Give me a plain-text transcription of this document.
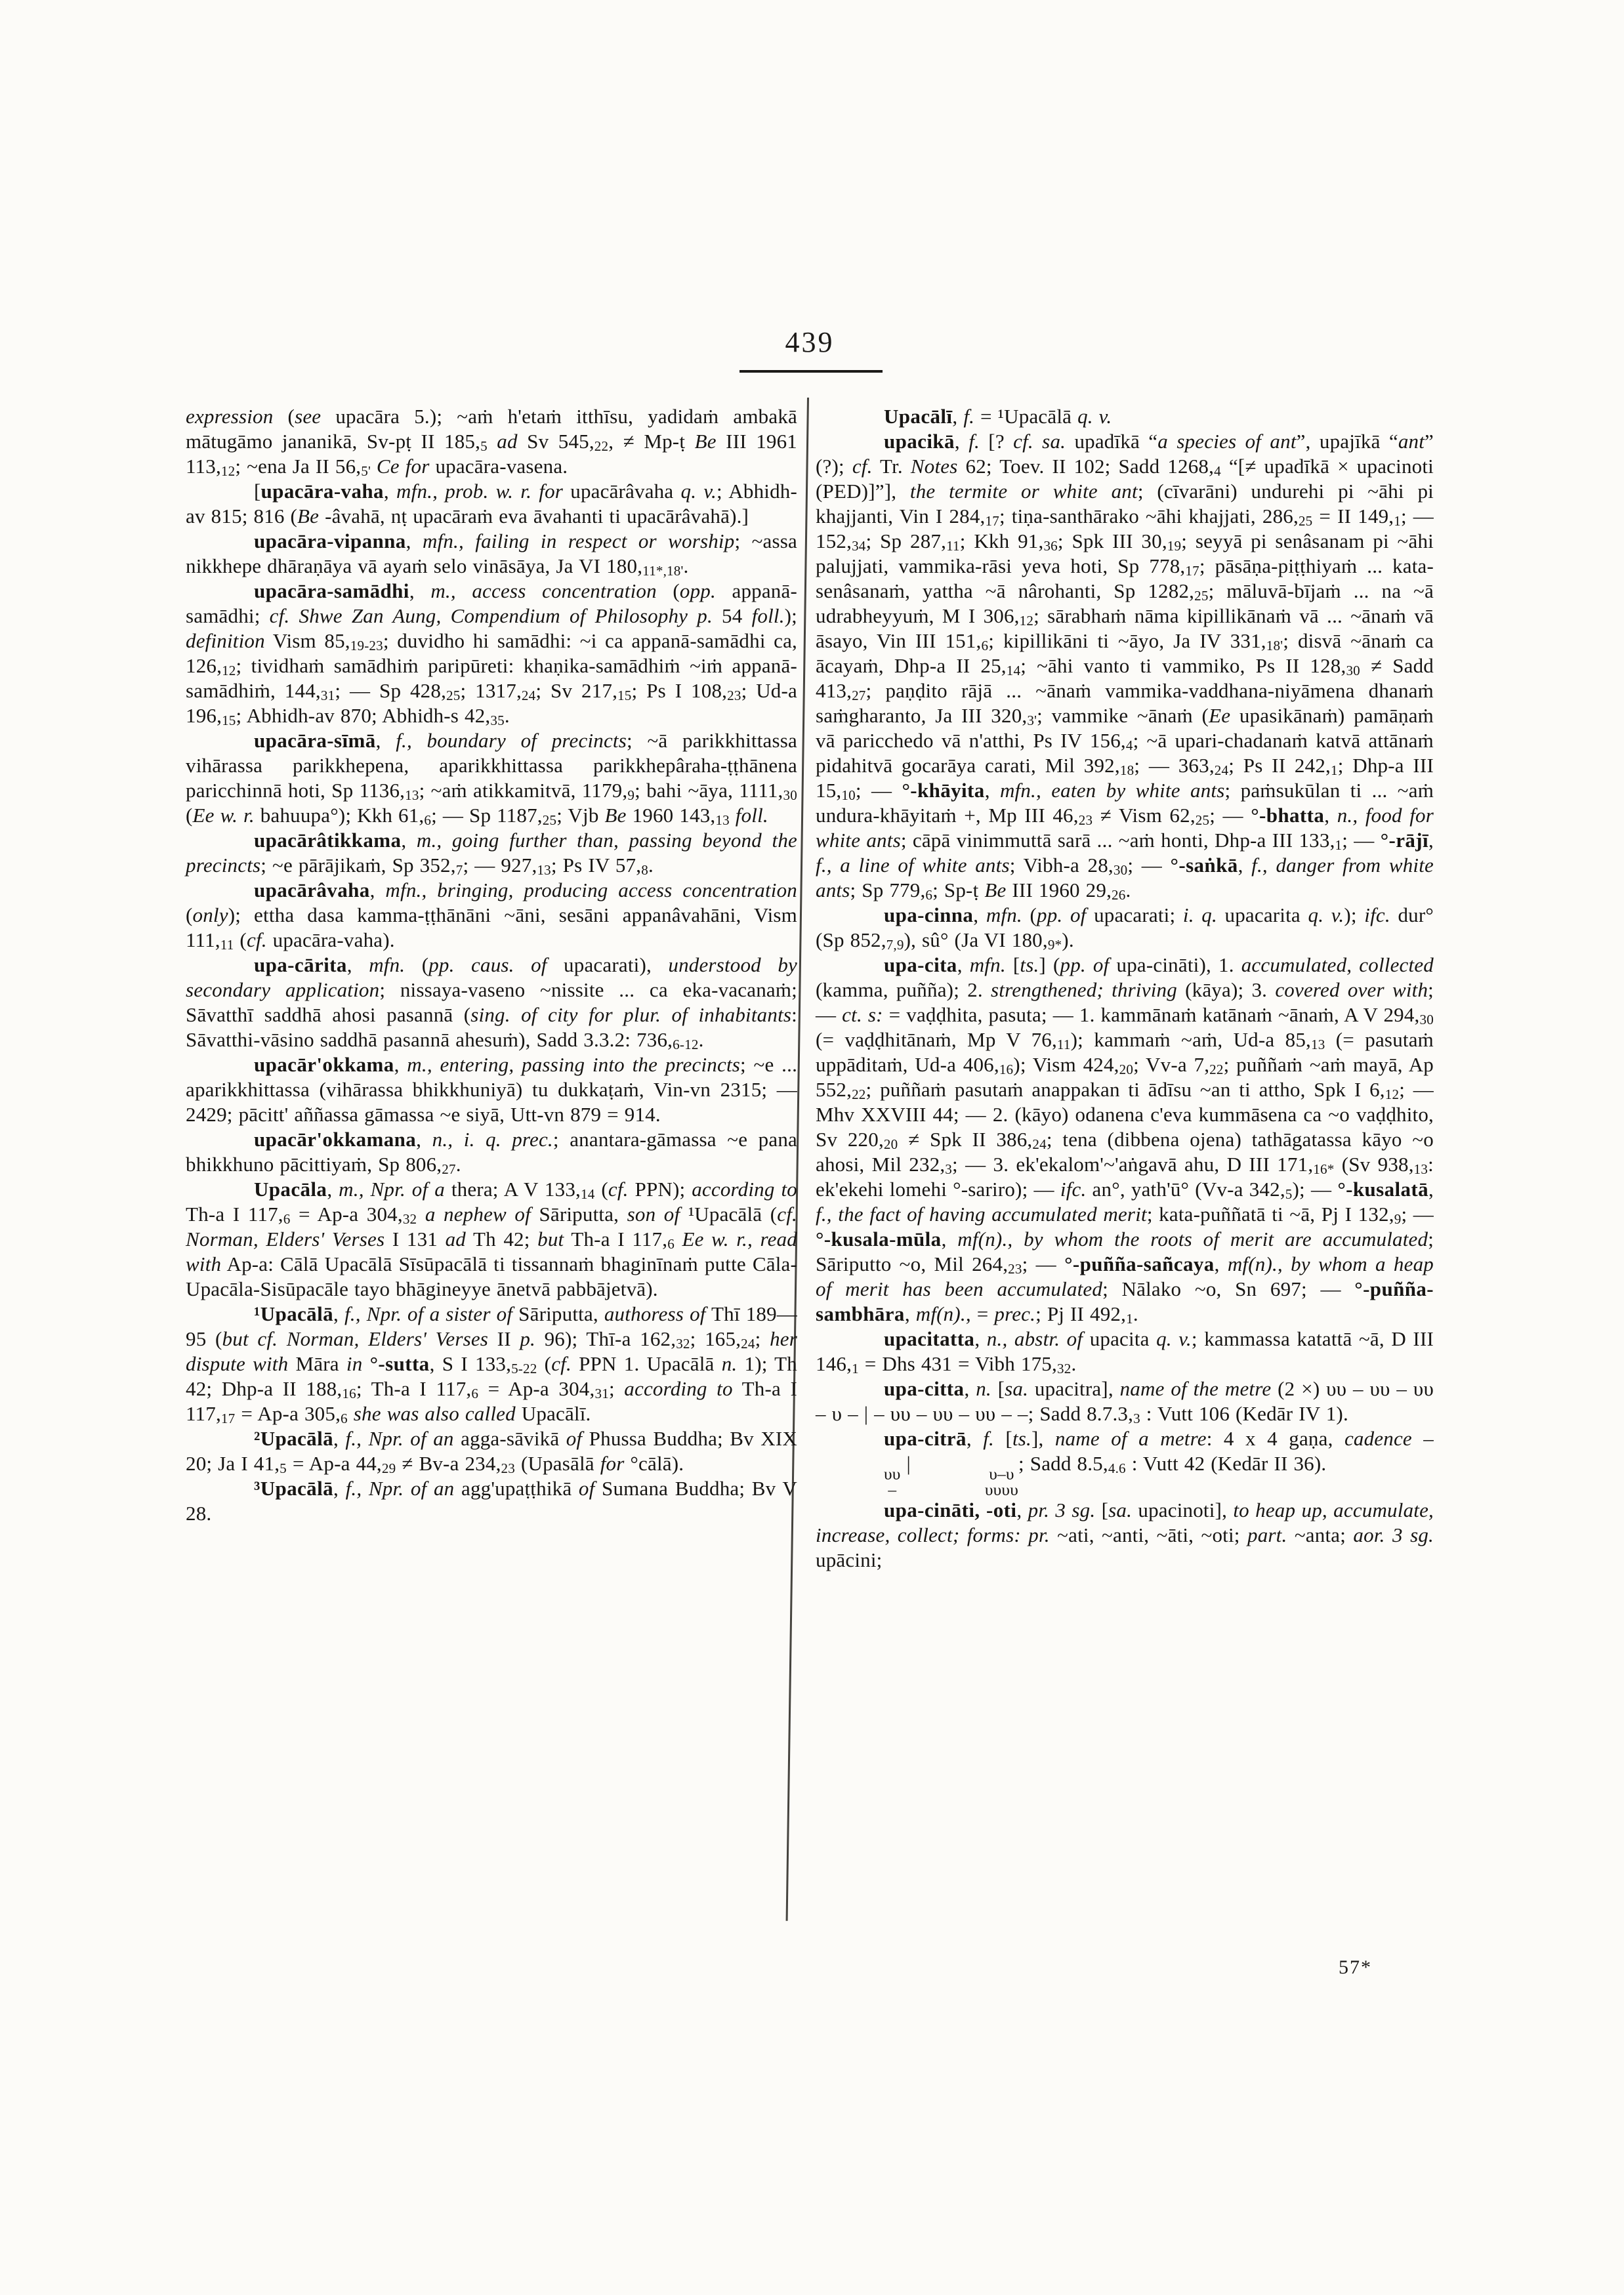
439

expression (see upacāra 5.); ~aṁ h'etaṁ itthīsu, yadidaṁ ambakā mātugāmo jananikā, Sv-pṭ II 185,5 ad Sv 545,22, ≠ Mp-ṭ Be III 1961 113,12; ~ena Ja II 56,5' Ce for upacāra-vasena.

[upacāra-vaha, mfn., prob. w. r. for upacārâvaha q. v.; Abhidh-av 815; 816 (Be -âvahā, nṭ upacāraṁ eva āvahanti ti upacārâvahā).]

upacāra-vipanna, mfn., failing in respect or worship; ~assa nikkhepe dhāraṇāya vā ayaṁ selo vināsāya, Ja VI 180,11*,18'.

upacāra-samādhi, m., access concentration (opp. appanā-samādhi; cf. Shwe Zan Aung, Compendium of Philosophy p. 54 foll.); definition Vism 85,19-23; duvidho hi samādhi: ~i ca appanā-samādhi ca, 126,12; tividhaṁ samādhiṁ paripūreti: khaṇika-samādhiṁ ~iṁ appanā-samādhiṁ, 144,31; — Sp 428,25; 1317,24; Sv 217,15; Ps I 108,23; Ud-a 196,15; Abhidh-av 870; Abhidh-s 42,35.

upacāra-sīmā, f., boundary of precincts; ~ā parikkhittassa vihārassa parikkhepena, aparikkhittassa parikkhepâraha-ṭṭhānena paricchinnā hoti, Sp 1136,13; ~aṁ atikkamitvā, 1179,9; bahi ~āya, 1111,30 (Ee w. r. bahuupa°); Kkh 61,6; — Sp 1187,25; Vjb Be 1960 143,13 foll.

upacārâtikkama, m., going further than, passing beyond the precincts; ~e pārājikaṁ, Sp 352,7; — 927,13; Ps IV 57,8.

upacārâvaha, mfn., bringing, producing access concentration (only); ettha dasa kamma-ṭṭhānāni ~āni, sesāni appanâvahāni, Vism 111,11 (cf. upacāra-vaha).

upa-cārita, mfn. (pp. caus. of upacarati), understood by secondary application; nissaya-vaseno ~nissite ... ca eka-vacanaṁ; Sāvatthī saddhā ahosi pasannā (sing. of city for plur. of inhabitants: Sāvatthi-vāsino saddhā pasannā ahesuṁ), Sadd 3.3.2: 736,6-12.

upacār'okkama, m., entering, passing into the precincts; ~e ... aparikkhittassa (vihārassa bhikkhuniyā) tu dukkaṭaṁ, Vin-vn 2315; — 2429; pācitt' aññassa gāmassa ~e siyā, Utt-vn 879 = 914.

upacār'okkamana, n., i. q. prec.; anantara-gāmassa ~e pana bhikkhuno pācittiyaṁ, Sp 806,27.

Upacāla, m., Npr. of a thera; A V 133,14 (cf. PPN); according to Th-a I 117,6 = Ap-a 304,32 a nephew of Sāriputta, son of ¹Upacālā (cf. Norman, Elders' Verses I 131 ad Th 42; but Th-a I 117,6 Ee w. r., read with Ap-a: Cālā Upacālā Sīsūpacālā ti tissannaṁ bhaginīnaṁ putte Cāla-Upacāla-Sisūpacāle tayo bhāgineyye ānetvā pabbājetvā).

¹Upacālā, f., Npr. of a sister of Sāriputta, authoress of Thī 189—95 (but cf. Norman, Elders' Verses II p. 96); Thī-a 162,32; 165,24; her dispute with Māra in °-sutta, S I 133,5-22 (cf. PPN 1. Upacālā n. 1); Th 42; Dhp-a II 188,16; Th-a I 117,6 = Ap-a 304,31; according to Th-a I 117,17 = Ap-a 305,6 she was also called Upacālī.

²Upacālā, f., Npr. of an agga-sāvikā of Phussa Buddha; Bv XIX 20; Ja I 41,5 = Ap-a 44,29 ≠ Bv-a 234,23 (Upasālā for °cālā).

³Upacālā, f., Npr. of an agg'upaṭṭhikā of Sumana Buddha; Bv V 28.

Upacālī, f. = ¹Upacālā q. v.

upacikā, f. [? cf. sa. upadīkā “a species of ant”, upajīkā “ant” (?); cf. Tr. Notes 62; Toev. II 102; Sadd 1268,4 “[≠ upadīkā × upacinoti (PED)]”], the termite or white ant; (cīvarāni) undurehi pi ~āhi pi khajjanti, Vin I 284,17; tiṇa-santhārako ~āhi khajjati, 286,25 = II 149,1; — 152,34; Sp 287,11; Kkh 91,36; Spk III 30,19; seyyā pi senâsanam pi ~āhi palujjati, vammika-rāsi yeva hoti, Sp 778,17; pāsāṇa-piṭṭhiyaṁ ... kata-senâsanaṁ, yattha ~ā nârohanti, Sp 1282,25; māluvā-bījaṁ ... na ~ā udrabheyyuṁ, M I 306,12; sārabhaṁ nāma kipillikānaṁ vā ... ~ānaṁ vā āsayo, Vin III 151,6; kipillikāni ti ~āyo, Ja IV 331,18'; disvā ~ānaṁ ca ācayaṁ, Dhp-a II 25,14; ~āhi vanto ti vammiko, Ps II 128,30 ≠ Sadd 413,27; paṇḍito rājā ... ~ānaṁ vammika-vaddhana-niyāmena dhanaṁ saṁgharanto, Ja III 320,3'; vammike ~ānaṁ (Ee upasikānaṁ) pamāṇaṁ vā paricchedo vā n'atthi, Ps IV 156,4; ~ā upari-chadanaṁ katvā attānaṁ pidahitvā gocarāya carati, Mil 392,18; — 363,24; Ps II 242,1; Dhp-a III 15,10; — °-khāyita, mfn., eaten by white ants; paṁsukūlan ti ... ~aṁ undura-khāyitaṁ +, Mp III 46,23 ≠ Vism 62,25; — °-bhatta, n., food for white ants; cāpā vinimmuttā sarā ... ~aṁ honti, Dhp-a III 133,1; — °-rājī, f., a line of white ants; Vibh-a 28,30; — °-saṅkā, f., danger from white ants; Sp 779,6; Sp-ṭ Be III 1960 29,26.

upa-cinna, mfn. (pp. of upacarati; i. q. upacarita q. v.); ifc. dur° (Sp 852,7,9), sû° (Ja VI 180,9*).

upa-cita, mfn. [ts.] (pp. of upa-cināti), 1. accumulated, collected (kamma, puñña); 2. strengthened; thriving (kāya); 3. covered over with; — ct. s: = vaḍḍhita, pasuta; — 1. kammānaṁ katānaṁ ~ānaṁ, A V 294,30 (= vaḍḍhitānaṁ, Mp V 76,11); kammaṁ ~aṁ, Ud-a 85,13 (= pasutaṁ uppāditaṁ, Ud-a 406,16); Vism 424,20; Vv-a 7,22; puññaṁ ~aṁ mayā, Ap 552,22; puññaṁ pasutaṁ anappakan ti ādīsu ~an ti attho, Spk I 6,12; — Mhv XXVIII 44; — 2. (kāyo) odanena c'eva kummāsena ca ~o vaḍḍhito, Sv 220,20 ≠ Spk II 386,24; tena (dibbena ojena) tathāgatassa kāyo ~o ahosi, Mil 232,3; — 3. ek'ekalom'~'aṅgavā ahu, D III 171,16* (Sv 938,13: ek'ekehi lomehi °-sariro); — ifc. an°, yath'ū° (Vv-a 342,5); — °-kusalatā, f., the fact of having accumulated merit; kata-puññatā ti ~ā, Pj I 132,9; — °-kusala-mūla, mf(n)., by whom the roots of merit are accumulated; Sāriputto ~o, Mil 264,23; — °-puñña-sañcaya, mf(n)., by whom a heap of merit has been accumulated; Nālako ~o, Sn 697; — °-puñña-sambhāra, mf(n)., = prec.; Pj II 492,1.

upacitatta, n., abstr. of upacita q. v.; kammassa katattā ~ā, D III 146,1 = Dhs 431 = Vibh 175,32.

upa-citta, n. [sa. upacitra], name of the metre (2 ×) υυ – υυ – υυ – υ – | – υυ – υυ – υυ – –; Sadd 8.7.3,3 : Vutt 106 (Kedār IV 1).

upa-citrā, f. [ts.], name of a metre: 4 x 4 gaṇa, cadence –
υυ
–
|	υ–υ
υυυυ
; Sadd 8.5,4.6 : Vutt 42 (Kedār II 36).

upa-cināti, -oti, pr. 3 sg. [sa. upacinoti], to heap up, accumulate, increase, collect; forms: pr. ~ati, ~anti, ~āti, ~oti; part. ~anta; aor. 3 sg. upācini;

57*
